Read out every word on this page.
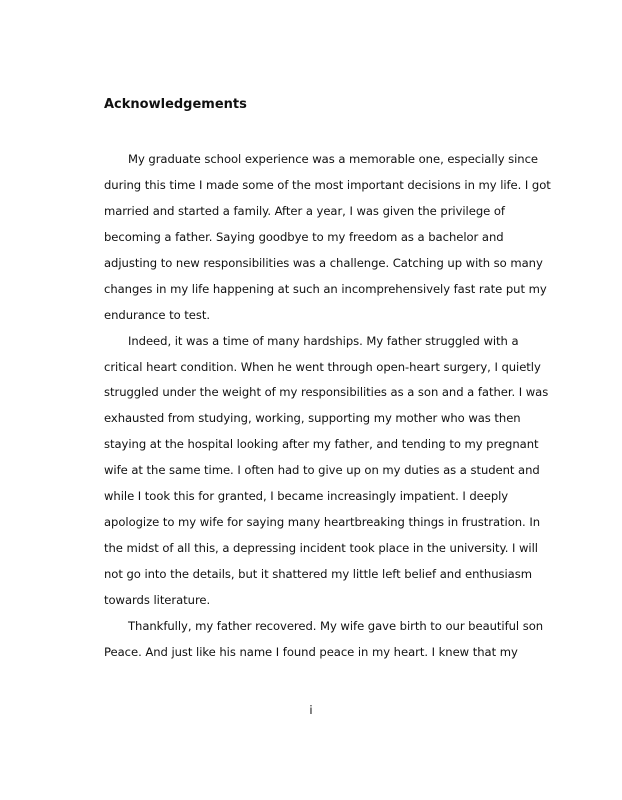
Acknowledgements
My graduate school experience was a memorable one, especially since
during this time I made some of the most important decisions in my life. I got
married and started a family. After a year, I was given the privilege of
becoming a father. Saying goodbye to my freedom as a bachelor and
adjusting to new responsibilities was a challenge. Catching up with so many
changes in my life happening at such an incomprehensively fast rate put my
endurance to test.
Indeed, it was a time of many hardships. My father struggled with a
critical heart condition. When he went through open-heart surgery, I quietly
struggled under the weight of my responsibilities as a son and a father. I was
exhausted from studying, working, supporting my mother who was then
staying at the hospital looking after my father, and tending to my pregnant
wife at the same time. I often had to give up on my duties as a student and
while I took this for granted, I became increasingly impatient. I deeply
apologize to my wife for saying many heartbreaking things in frustration. In
the midst of all this, a depressing incident took place in the university. I will
not go into the details, but it shattered my little left belief and enthusiasm
towards literature.
Thankfully, my father recovered. My wife gave birth to our beautiful son
Peace. And just like his name I found peace in my heart. I knew that my
i
